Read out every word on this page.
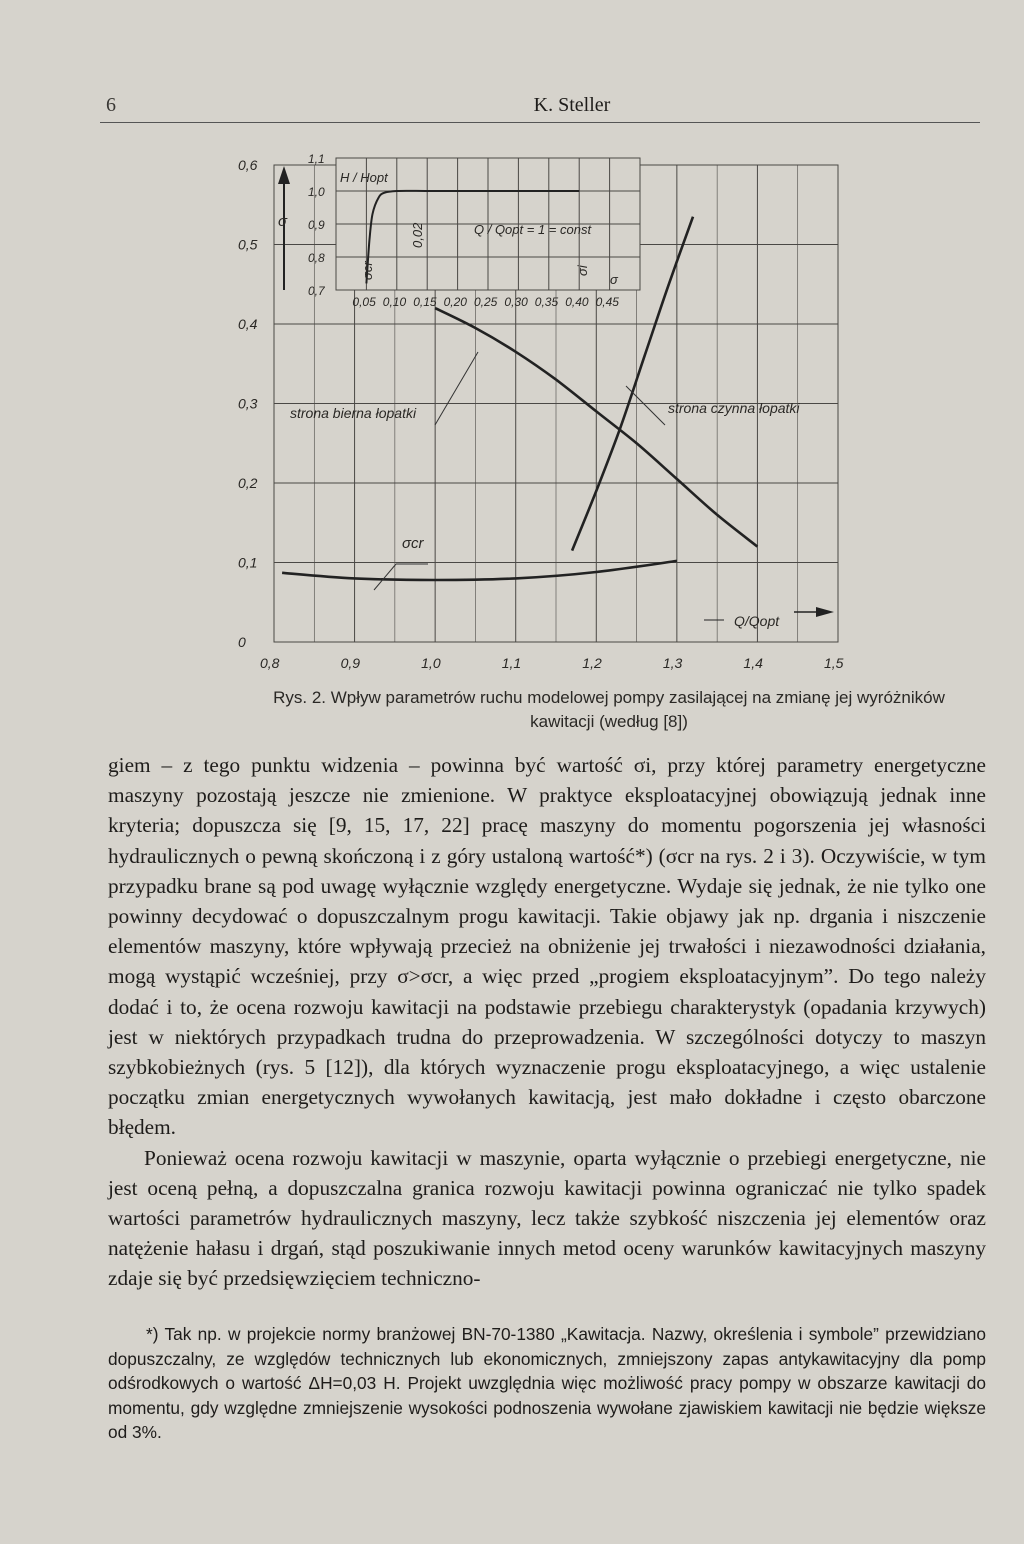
6	K. Steller
0,8	0,9	1,0	1,1	1,2	1,3	1,4	1,5
0
0,1
0,2
0,3
0,4
0,5
0,6
0,05 0,10 0,15 0,20 0,25 0,30 0,35 0,40 0,45
0,7
0,8
0,9
1,0
1,1
strona bierna łopatki	strona czynna łopatki
σcr
σ
Q/Qopt
H / Hopt
Q / Qopt = 1 = const
0,02
σcr	σi
σ
Rys. 2. Wpływ parametrów ruchu modelowej pompy zasilającej na zmianę jej wyróżników kawitacji (według [8])

giem – z tego punktu widzenia – powinna być wartość σi, przy której parametry energetyczne maszyny pozostają jeszcze nie zmienione. W praktyce eksploatacyjnej obowiązują jednak inne kryteria; dopuszcza się [9, 15, 17, 22] pracę maszyny do momentu pogorszenia jej własności hydraulicznych o pewną skończoną i z góry ustaloną wartość*) (σcr na rys. 2 i 3). Oczywiście, w tym przypadku brane są pod uwagę wyłącznie względy energetyczne. Wydaje się jednak, że nie tylko one powinny decydować o dopuszczalnym progu kawitacji. Takie objawy jak np. drgania i niszczenie elementów maszyny, które wpływają przecież na obniżenie jej trwałości i niezawodności działania, mogą wystąpić wcześniej, przy σ>σcr, a więc przed „progiem eksploatacyjnym”. Do tego należy dodać i to, że ocena rozwoju kawitacji na podstawie przebiegu charakterystyk (opadania krzywych) jest w niektórych przypadkach trudna do przeprowadzenia. W szczególności dotyczy to maszyn szybkobieżnych (rys. 5 [12]), dla których wyznaczenie progu eksploatacyjnego, a więc ustalenie początku zmian energetycznych wywołanych kawitacją, jest mało dokładne i często obarczone błędem.

Ponieważ ocena rozwoju kawitacji w maszynie, oparta wyłącznie o przebiegi energetyczne, nie jest oceną pełną, a dopuszczalna granica rozwoju kawitacji powinna ograniczać nie tylko spadek wartości parametrów hydraulicznych maszyny, lecz także szybkość niszczenia jej elementów oraz natężenie hałasu i drgań, stąd poszukiwanie innych metod oceny warunków kawitacyjnych maszyny zdaje się być przedsięwzięciem techniczno-

*) Tak np. w projekcie normy branżowej BN-70-1380 „Kawitacja. Nazwy, określenia i symbole” przewidziano dopuszczalny, ze względów technicznych lub ekonomicznych, zmniejszony zapas antykawitacyjny dla pomp odśrodkowych o wartość ΔH=0,03 H. Projekt uwzględnia więc możliwość pracy pompy w obszarze kawitacji do momentu, gdy względne zmniejszenie wysokości podnoszenia wywołane zjawiskiem kawitacji nie będzie większe od 3%.
